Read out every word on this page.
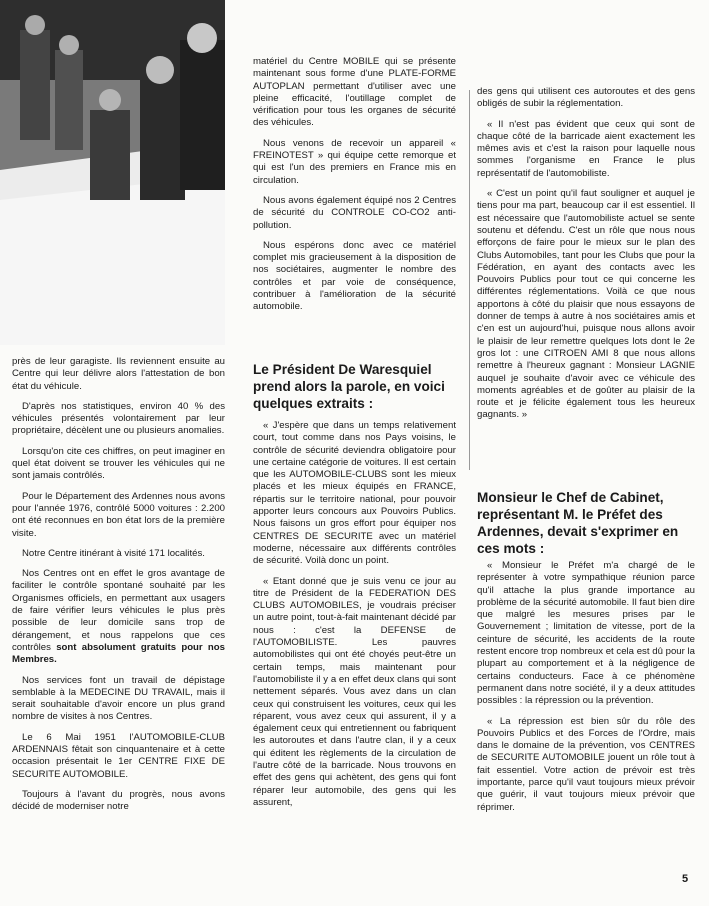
près de leur garagiste. Ils reviennent ensuite au Centre qui leur délivre alors l'attestation de bon état du véhicule.

D'après nos statistiques, environ 40 % des véhicules présentés volontairement par leur propriétaire, décèlent une ou plusieurs anomalies.

Lorsqu'on cite ces chiffres, on peut imaginer en quel état doivent se trouver les véhicules qui ne sont jamais contrôlés.

Pour le Département des Ardennes nous avons pour l'année 1976, contrôlé 5000 voitures : 2.200 ont été reconnues en bon état lors de la première visite.

Notre Centre itinérant à visité 171 localités.

Nos Centres ont en effet le gros avantage de faciliter le contrôle spontané souhaité par les Organismes officiels, en permettant aux usagers de faire vérifier leurs véhicules le plus près possible de leur domicile sans trop de dérangement, et nous rappelons que ces contrôles sont absolument gratuits pour nos Membres.

Nos services font un travail de dépistage semblable à la MEDECINE DU TRAVAIL, mais il serait souhaitable d'avoir encore un plus grand nombre de visites à nos Centres.

Le 6 Mai 1951 l'AUTOMOBILE-CLUB ARDENNAIS fêtait son cinquantenaire et à cette occasion présentait le 1er CENTRE FIXE DE SECURITE AUTOMOBILE.

Toujours à l'avant du progrès, nous avons décidé de moderniser notre

matériel du Centre MOBILE qui se présente maintenant sous forme d'une PLATE-FORME AUTOPLAN permettant d'utiliser avec une pleine efficacité, l'outillage complet de vérification pour tous les organes de sécurité des véhicules.

Nous venons de recevoir un appareil « FREINOTEST » qui équipe cette remorque et qui est l'un des premiers en France mis en circulation.

Nous avons également équipé nos 2 Centres de sécurité du CONTROLE CO-CO2 anti-pollution.

Nous espérons donc avec ce matériel complet mis gracieusement à la disposition de nos sociétaires, augmenter le nombre des contrôles et par voie de conséquence, contribuer à l'amélioration de la sécurité automobile.

Le Président De Waresquiel prend alors la parole, en voici quelques extraits :

« J'espère que dans un temps relativement court, tout comme dans nos Pays voisins, le contrôle de sécurité deviendra obligatoire pour une certaine catégorie de voitures. Il est certain que les AUTOMOBILE-CLUBS sont les mieux placés et les mieux équipés en FRANCE, répartis sur le territoire national, pour pouvoir apporter leurs concours aux Pouvoirs Publics. Nous faisons un gros effort pour équiper nos CENTRES DE SECURITE avec un matériel moderne, nécessaire aux différents contrôles de sécurité. Voilà donc un point.

« Etant donné que je suis venu ce jour au titre de Président de la FEDERATION DES CLUBS AUTOMOBILES, je voudrais préciser un autre point, tout-à-fait maintenant décidé par nous : c'est la DEFENSE de l'AUTOMOBILISTE. Les pauvres automobilistes qui ont été choyés peut-être un certain temps, mais maintenant pour l'automobiliste il y a en effet deux clans qui sont nettement séparés. Vous avez dans un clan ceux qui construisent les voitures, ceux qui les réparent, vous avez ceux qui assurent, il y a également ceux qui entretiennent ou fabriquent les autoroutes et dans l'autre clan, il y a ceux qui éditent les règlements de la circulation de l'autre côté de la barricade. Nous trouvons en effet des gens qui achètent, des gens qui font réparer leur automobile, des gens qui les assurent,

des gens qui utilisent ces autoroutes et des gens obligés de subir la réglementation.

« Il n'est pas évident que ceux qui sont de chaque côté de la barricade aient exactement les mêmes avis et c'est la raison pour laquelle nous sommes l'organisme en France le plus représentatif de l'automobiliste.

« C'est un point qu'il faut souligner et auquel je tiens pour ma part, beaucoup car il est essentiel. Il est nécessaire que l'automobiliste actuel se sente soutenu et défendu. C'est un rôle que nous nous efforçons de faire pour le mieux sur le plan des Clubs Automobiles, tant pour les Clubs que pour la Fédération, en ayant des contacts avec les Pouvoirs Publics pour tout ce qui concerne les différentes réglementations. Voilà ce que nous apportons à côté du plaisir que nous essayons de donner de temps à autre à nos sociétaires amis et c'en est un aujourd'hui, puisque nous allons avoir le plaisir de leur remettre quelques lots dont le 2e gros lot : une CITROEN AMI 8 que nous allons remettre à l'heureux gagnant : Monsieur LAGNIE auquel je souhaite d'avoir avec ce véhicule des moments agréables et de goûter au plaisir de la route et je félicite également tous les heureux gagnants. »

Monsieur le Chef de Cabinet, représentant M. le Préfet des Ardennes, devait s'exprimer en ces mots :

« Monsieur le Préfet m'a chargé de le représenter à votre sympathique réunion parce qu'il attache la plus grande importance au problème de la sécurité automobile. Il faut bien dire que malgré les mesures prises par le Gouvernement ; limitation de vitesse, port de la ceinture de sécurité, les accidents de la route restent encore trop nombreux et cela est dû pour la plupart au comportement et à la négligence de certains conducteurs. Face à ce phénomène permanent dans notre société, il y a deux attitudes possibles : la répression ou la prévention.

« La répression est bien sûr du rôle des Pouvoirs Publics et des Forces de l'Ordre, mais dans le domaine de la prévention, vos CENTRES de SECURITE AUTOMOBILE jouent un rôle tout à fait essentiel. Votre action de prévoir est très importante, parce qu'il vaut toujours mieux prévoir que guérir, il vaut toujours mieux prévoir que réprimer.

5
